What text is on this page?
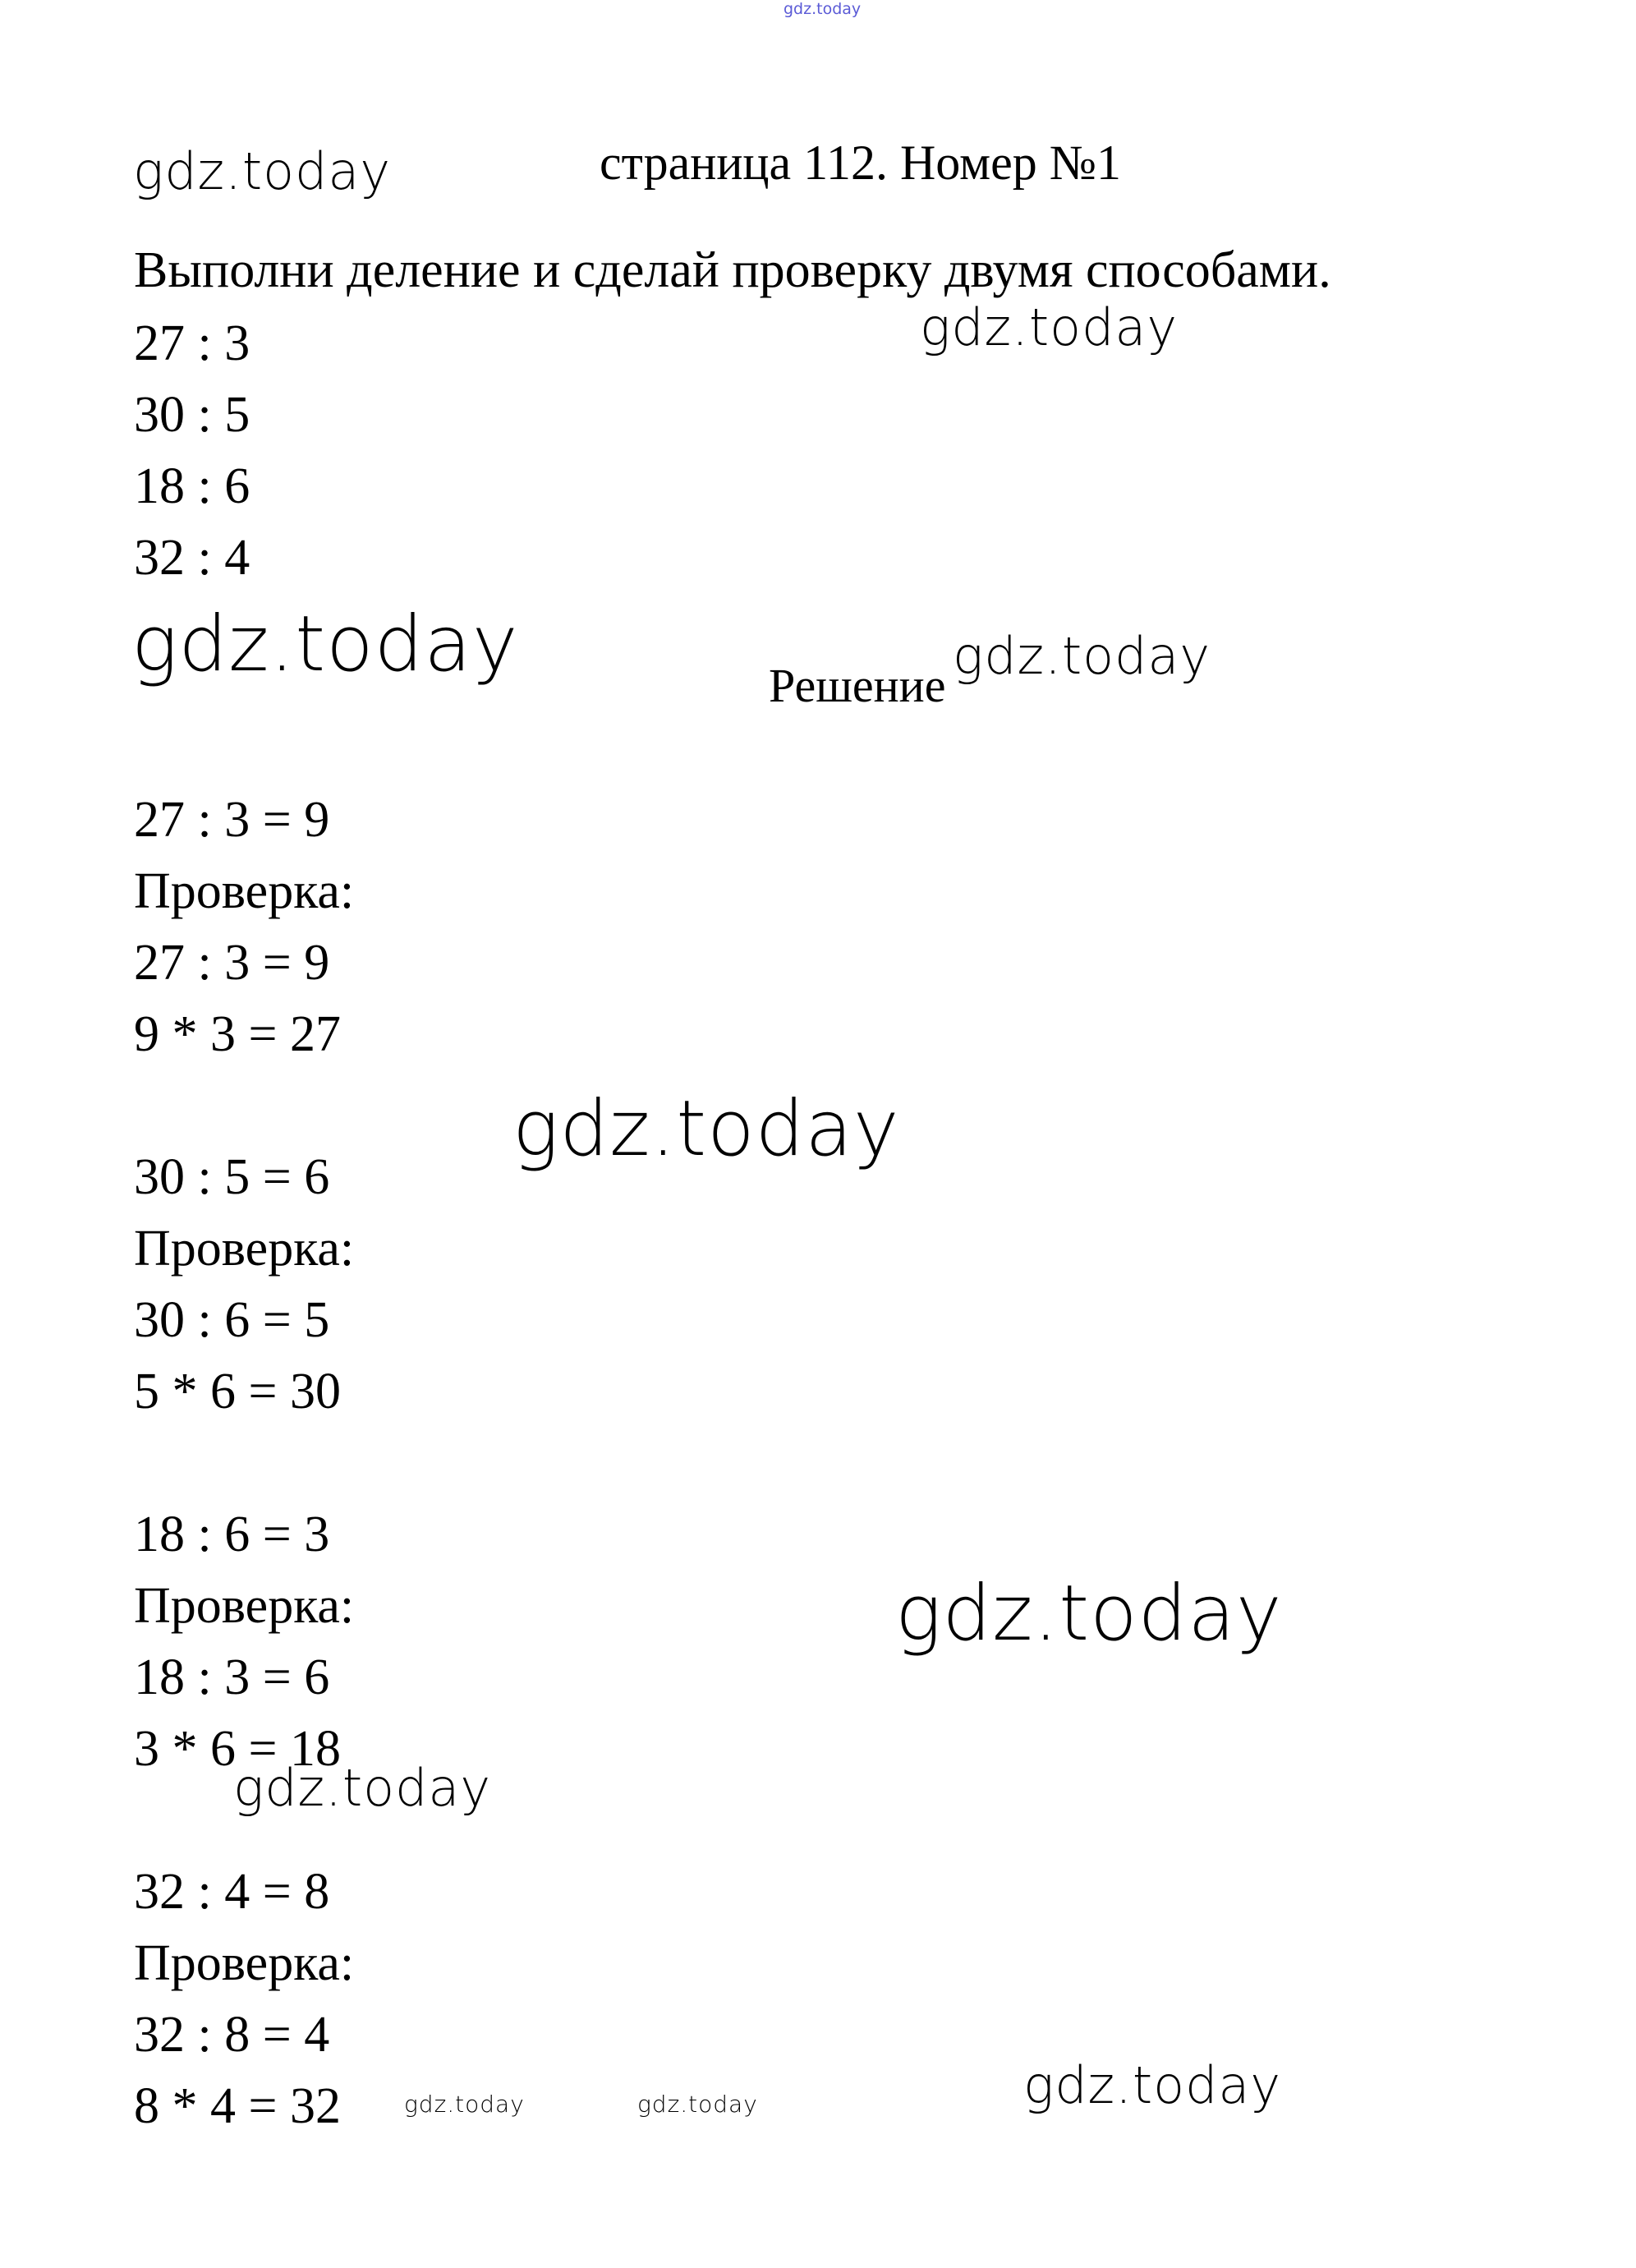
gdz.today
gdz.today	страница 112. Номер №1
Выполни деление и сделай проверку двумя способами.
27 : 3	gdz.today
30 : 5
18 : 6
32 : 4
gdz.today	Решение gdz.today
27 : 3 = 9
Проверка:
27 : 3 = 9
9 * 3 = 27
gdz.today
30 : 5 = 6
Проверка:
30 : 6 = 5
5 * 6 = 30
18 : 6 = 3
Проверка:	gdz.today
18 : 3 = 6
3 * 6 = 18
gdz.today
32 : 4 = 8
Проверка:
32 : 8 = 4
8 * 4 = 32	gdz.today	gdz.today	gdz.today
